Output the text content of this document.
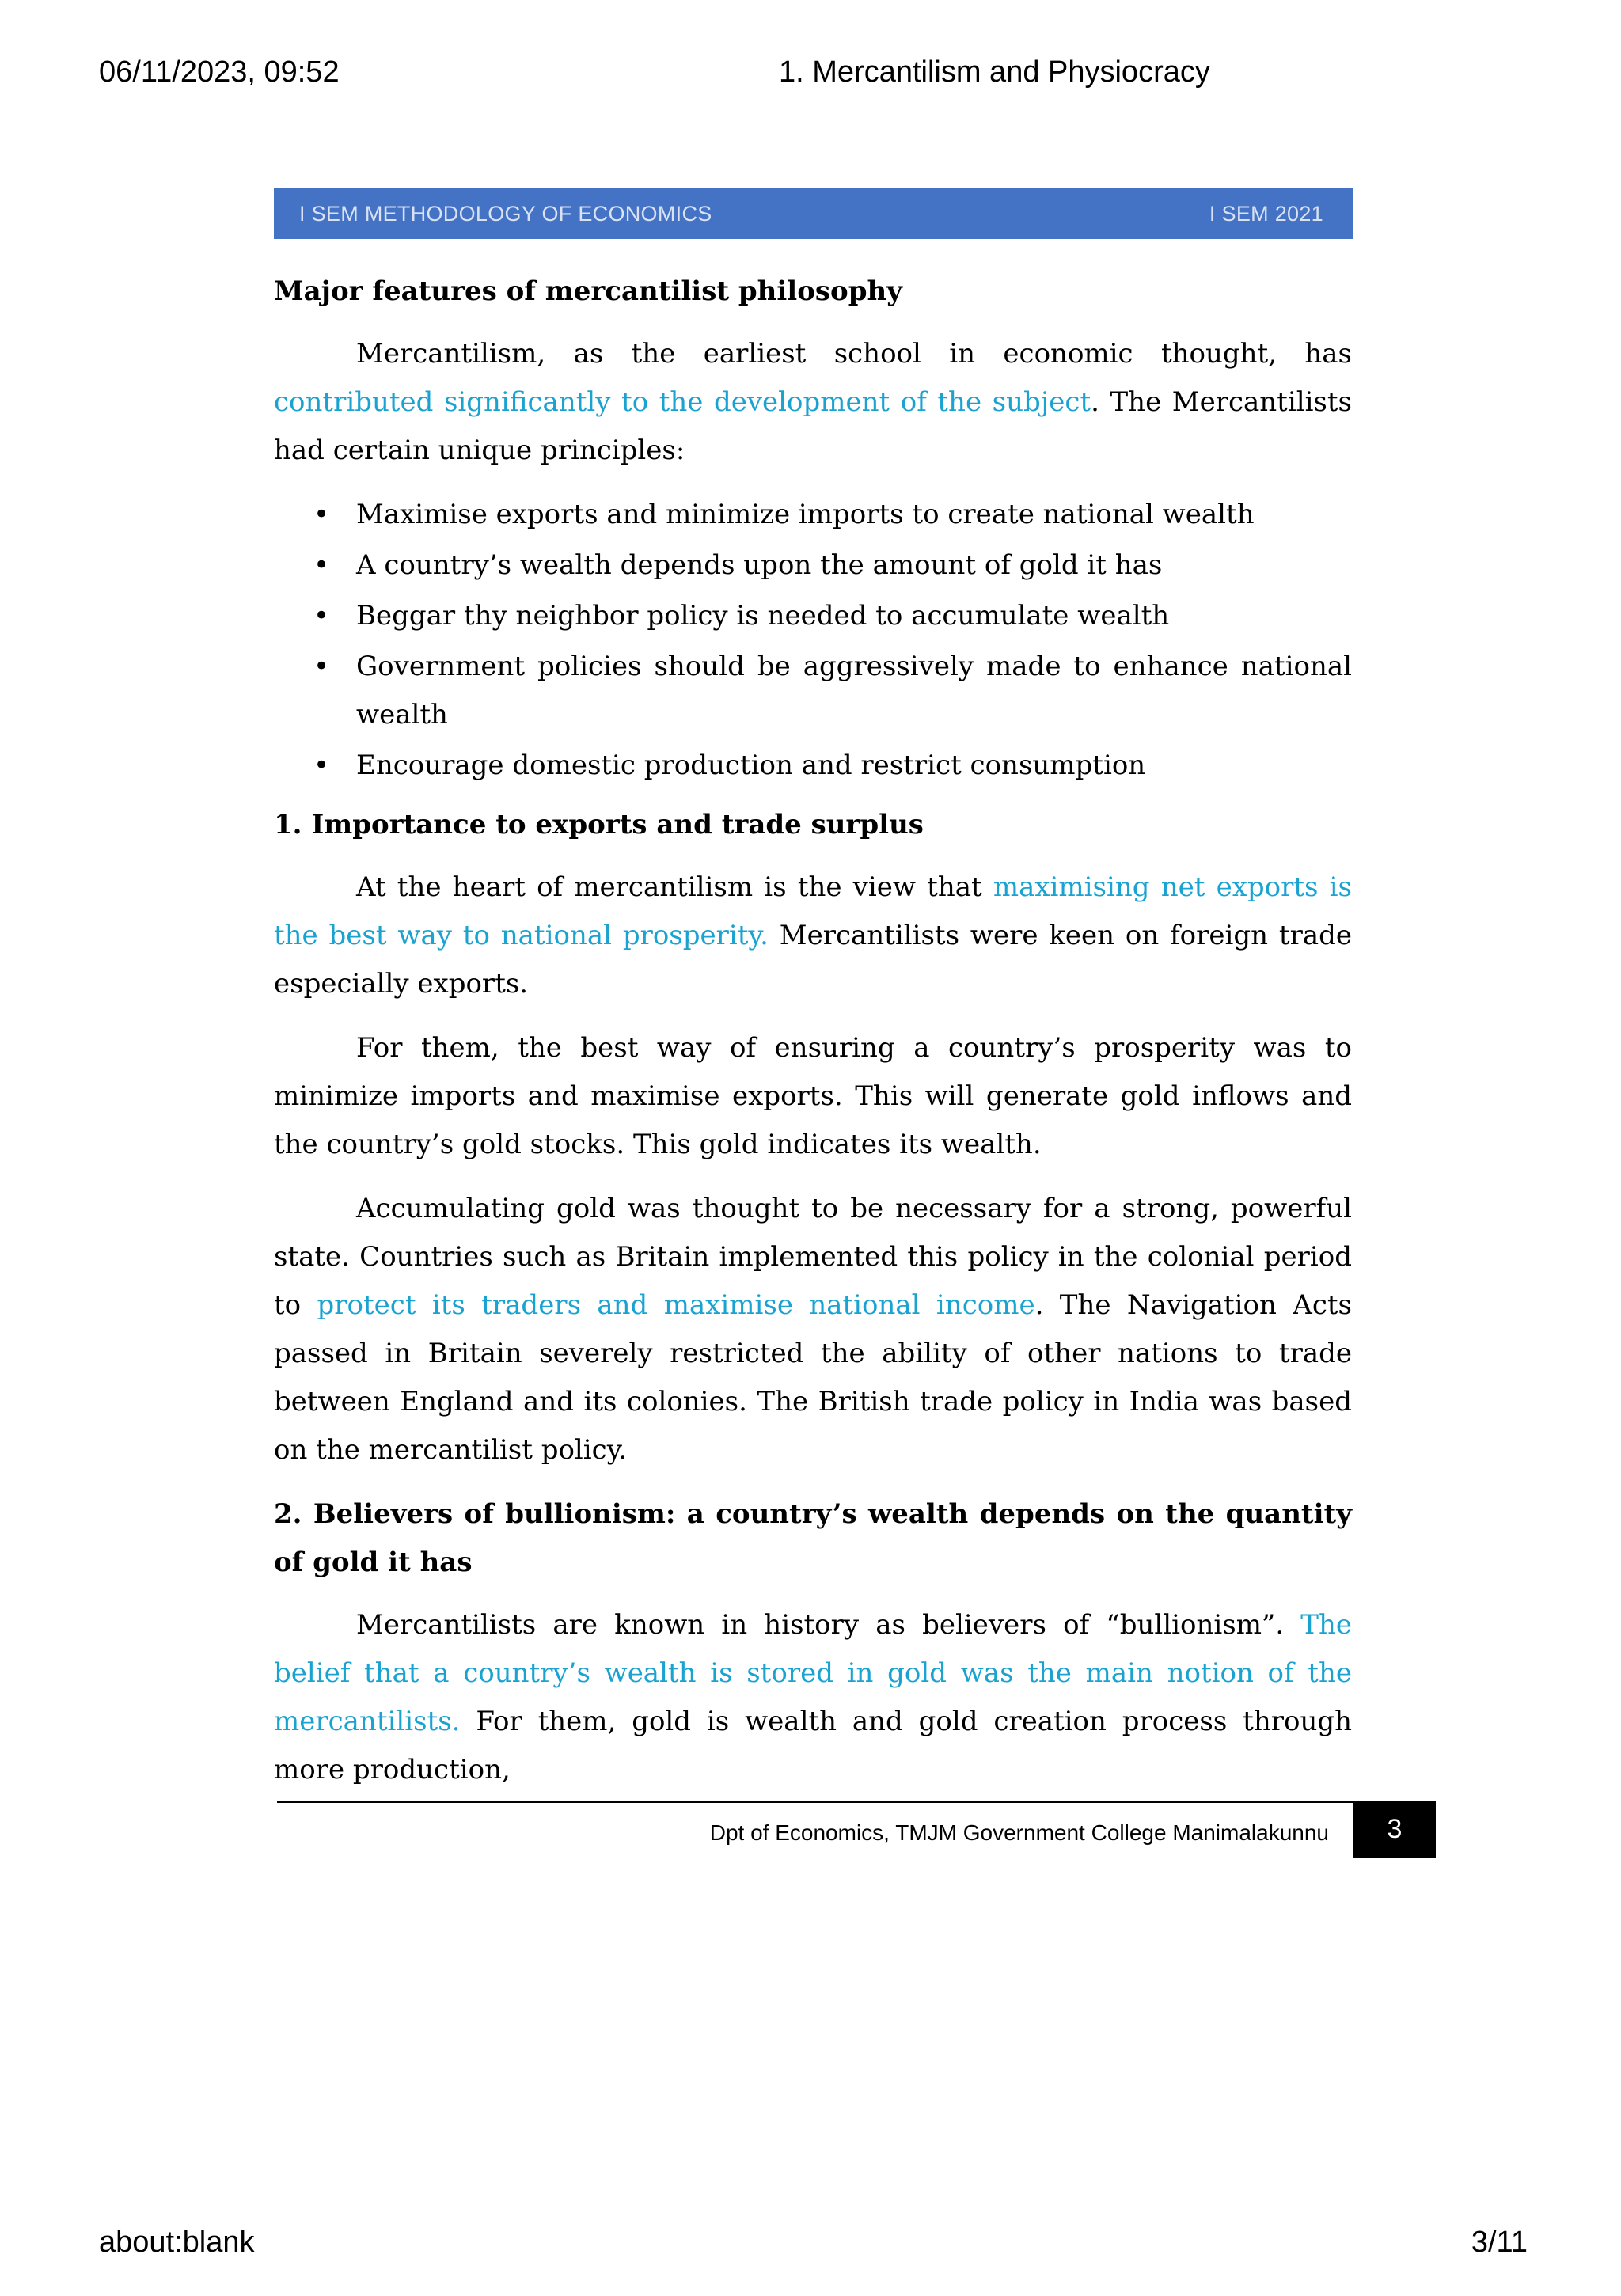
06/11/2023, 09:52	1. Mercantilism and Physiocracy
I SEM METHODOLOGY OF ECONOMICS	I SEM 2021
Major features of mercantilist philosophy

Mercantilism, as the earliest school in economic thought, has contributed significantly to the development of the subject. The Mercantilists had certain unique principles:

• Maximise exports and minimize imports to create national wealth
• A country’s wealth depends upon the amount of gold it has
• Beggar thy neighbor policy is needed to accumulate wealth
• Government policies should be aggressively made to enhance national wealth
• Encourage domestic production and restrict consumption
1. Importance to exports and trade surplus

At the heart of mercantilism is the view that maximising net exports is the best way to national prosperity. Mercantilists were keen on foreign trade especially exports.

For them, the best way of ensuring a country’s prosperity was to minimize imports and maximise exports. This will generate gold inflows and the country’s gold stocks. This gold indicates its wealth.

Accumulating gold was thought to be necessary for a strong, powerful state. Countries such as Britain implemented this policy in the colonial period to protect its traders and maximise national income. The Navigation Acts passed in Britain severely restricted the ability of other nations to trade between England and its colonies. The British trade policy in India was based on the mercantilist policy.

2. Believers of bullionism: a country’s wealth depends on the quantity of gold it has

Mercantilists are known in history as believers of “bullionism”. The belief that a country’s wealth is stored in gold was the main notion of the mercantilists. For them, gold is wealth and gold creation process through more production,

Dpt of Economics, TMJM Government College Manimalakunnu 3
about:blank	3/11
